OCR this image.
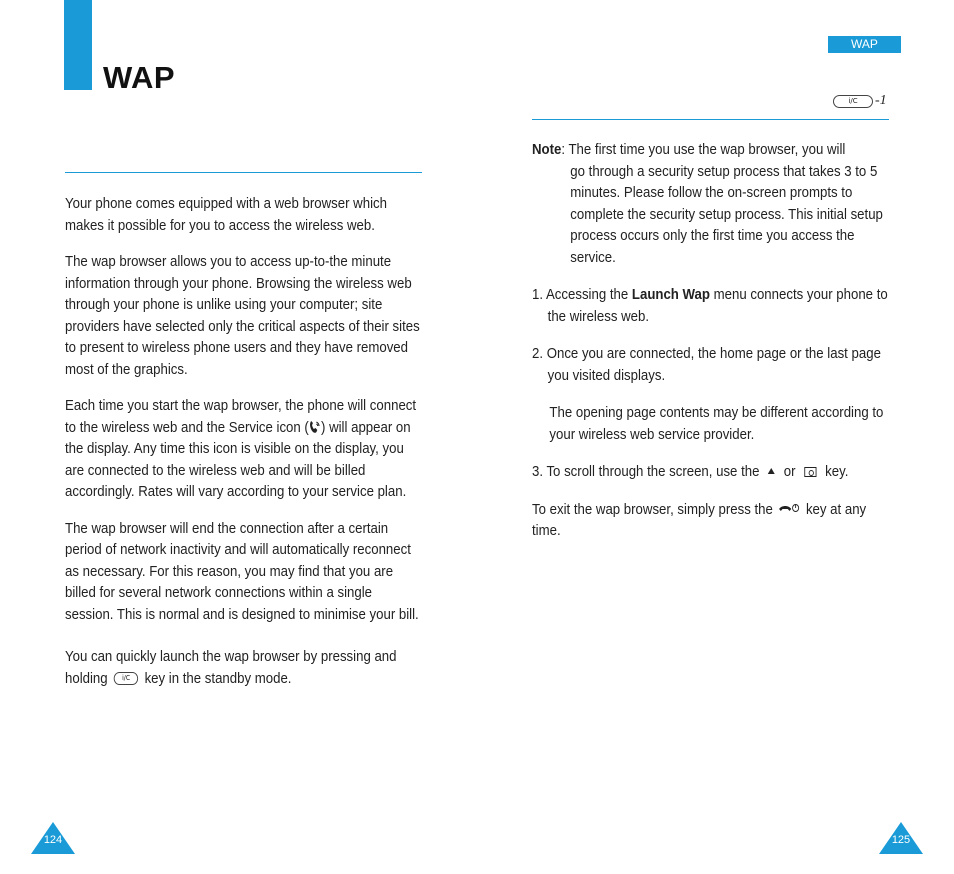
WAP
WAP
i/C	-1

Your phone comes equipped with a web browser which makes it possible for you to access the wireless web.

The wap browser allows you to access up-to-the minute information through your phone. Browsing the wireless web through your phone is unlike using your computer; site providers have selected only the critical aspects of their sites to present to wireless phone users and they have removed most of the graphics.

Each time you start the wap browser, the phone will connect to the wireless web and the Service icon ( ) will appear on the display. Any time this icon is visible on the display, you are connected to the wireless web and will be billed accordingly. Rates will vary according to your service plan.

The wap browser will end the connection after a certain period of network inactivity and will automatically reconnect as necessary. For this reason, you may find that you are billed for several network connections within a single session. This is normal and is designed to minimise your bill.

You can quickly launch the wap browser by pressing and holding i/C key in the standby mode.

Note: The first time you use the wap browser, you will
go through a security setup process that takes 3 to 5 minutes. Please follow the on-screen prompts to complete the security setup process. This initial setup process occurs only the first time you access the service.

1. Accessing the Launch Wap menu connects your phone to the wireless web.

2. Once you are connected, the home page or the last page you visited displays.

The opening page contents may be different according to your wireless web service provider.

3. To scroll through the screen, use the or key.

To exit the wap browser, simply press the key at any time.

124	125
